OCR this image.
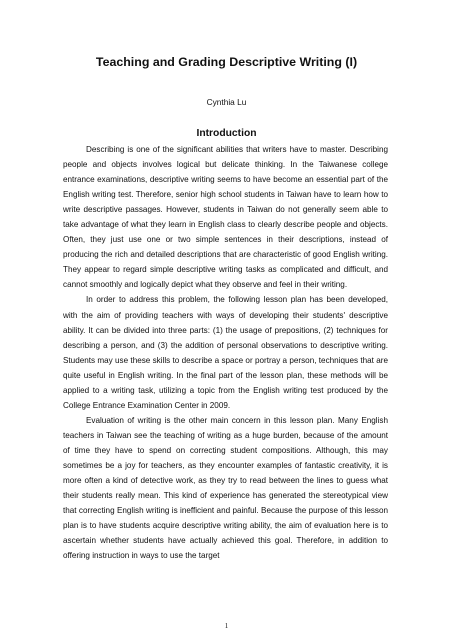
Teaching and Grading Descriptive Writing (I)

Cynthia Lu

Introduction

Describing is one of the significant abilities that writers have to master. Describing people and objects involves logical but delicate thinking. In the Taiwanese college entrance examinations, descriptive writing seems to have become an essential part of the English writing test. Therefore, senior high school students in Taiwan have to learn how to write descriptive passages. However, students in Taiwan do not generally seem able to take advantage of what they learn in English class to clearly describe people and objects. Often, they just use one or two simple sentences in their descriptions, instead of producing the rich and detailed descriptions that are characteristic of good English writing. They appear to regard simple descriptive writing tasks as complicated and difficult, and cannot smoothly and logically depict what they observe and feel in their writing.

In order to address this problem, the following lesson plan has been developed, with the aim of providing teachers with ways of developing their students' descriptive ability. It can be divided into three parts: (1) the usage of prepositions, (2) techniques for describing a person, and (3) the addition of personal observations to descriptive writing. Students may use these skills to describe a space or portray a person, techniques that are quite useful in English writing. In the final part of the lesson plan, these methods will be applied to a writing task, utilizing a topic from the English writing test produced by the College Entrance Examination Center in 2009.

Evaluation of writing is the other main concern in this lesson plan. Many English teachers in Taiwan see the teaching of writing as a huge burden, because of the amount of time they have to spend on correcting student compositions. Although, this may sometimes be a joy for teachers, as they encounter examples of fantastic creativity, it is more often a kind of detective work, as they try to read between the lines to guess what their students really mean. This kind of experience has generated the stereotypical view that correcting English writing is inefficient and painful. Because the purpose of this lesson plan is to have students acquire descriptive writing ability, the aim of evaluation here is to ascertain whether students have actually achieved this goal. Therefore, in addition to offering instruction in ways to use the target

1
